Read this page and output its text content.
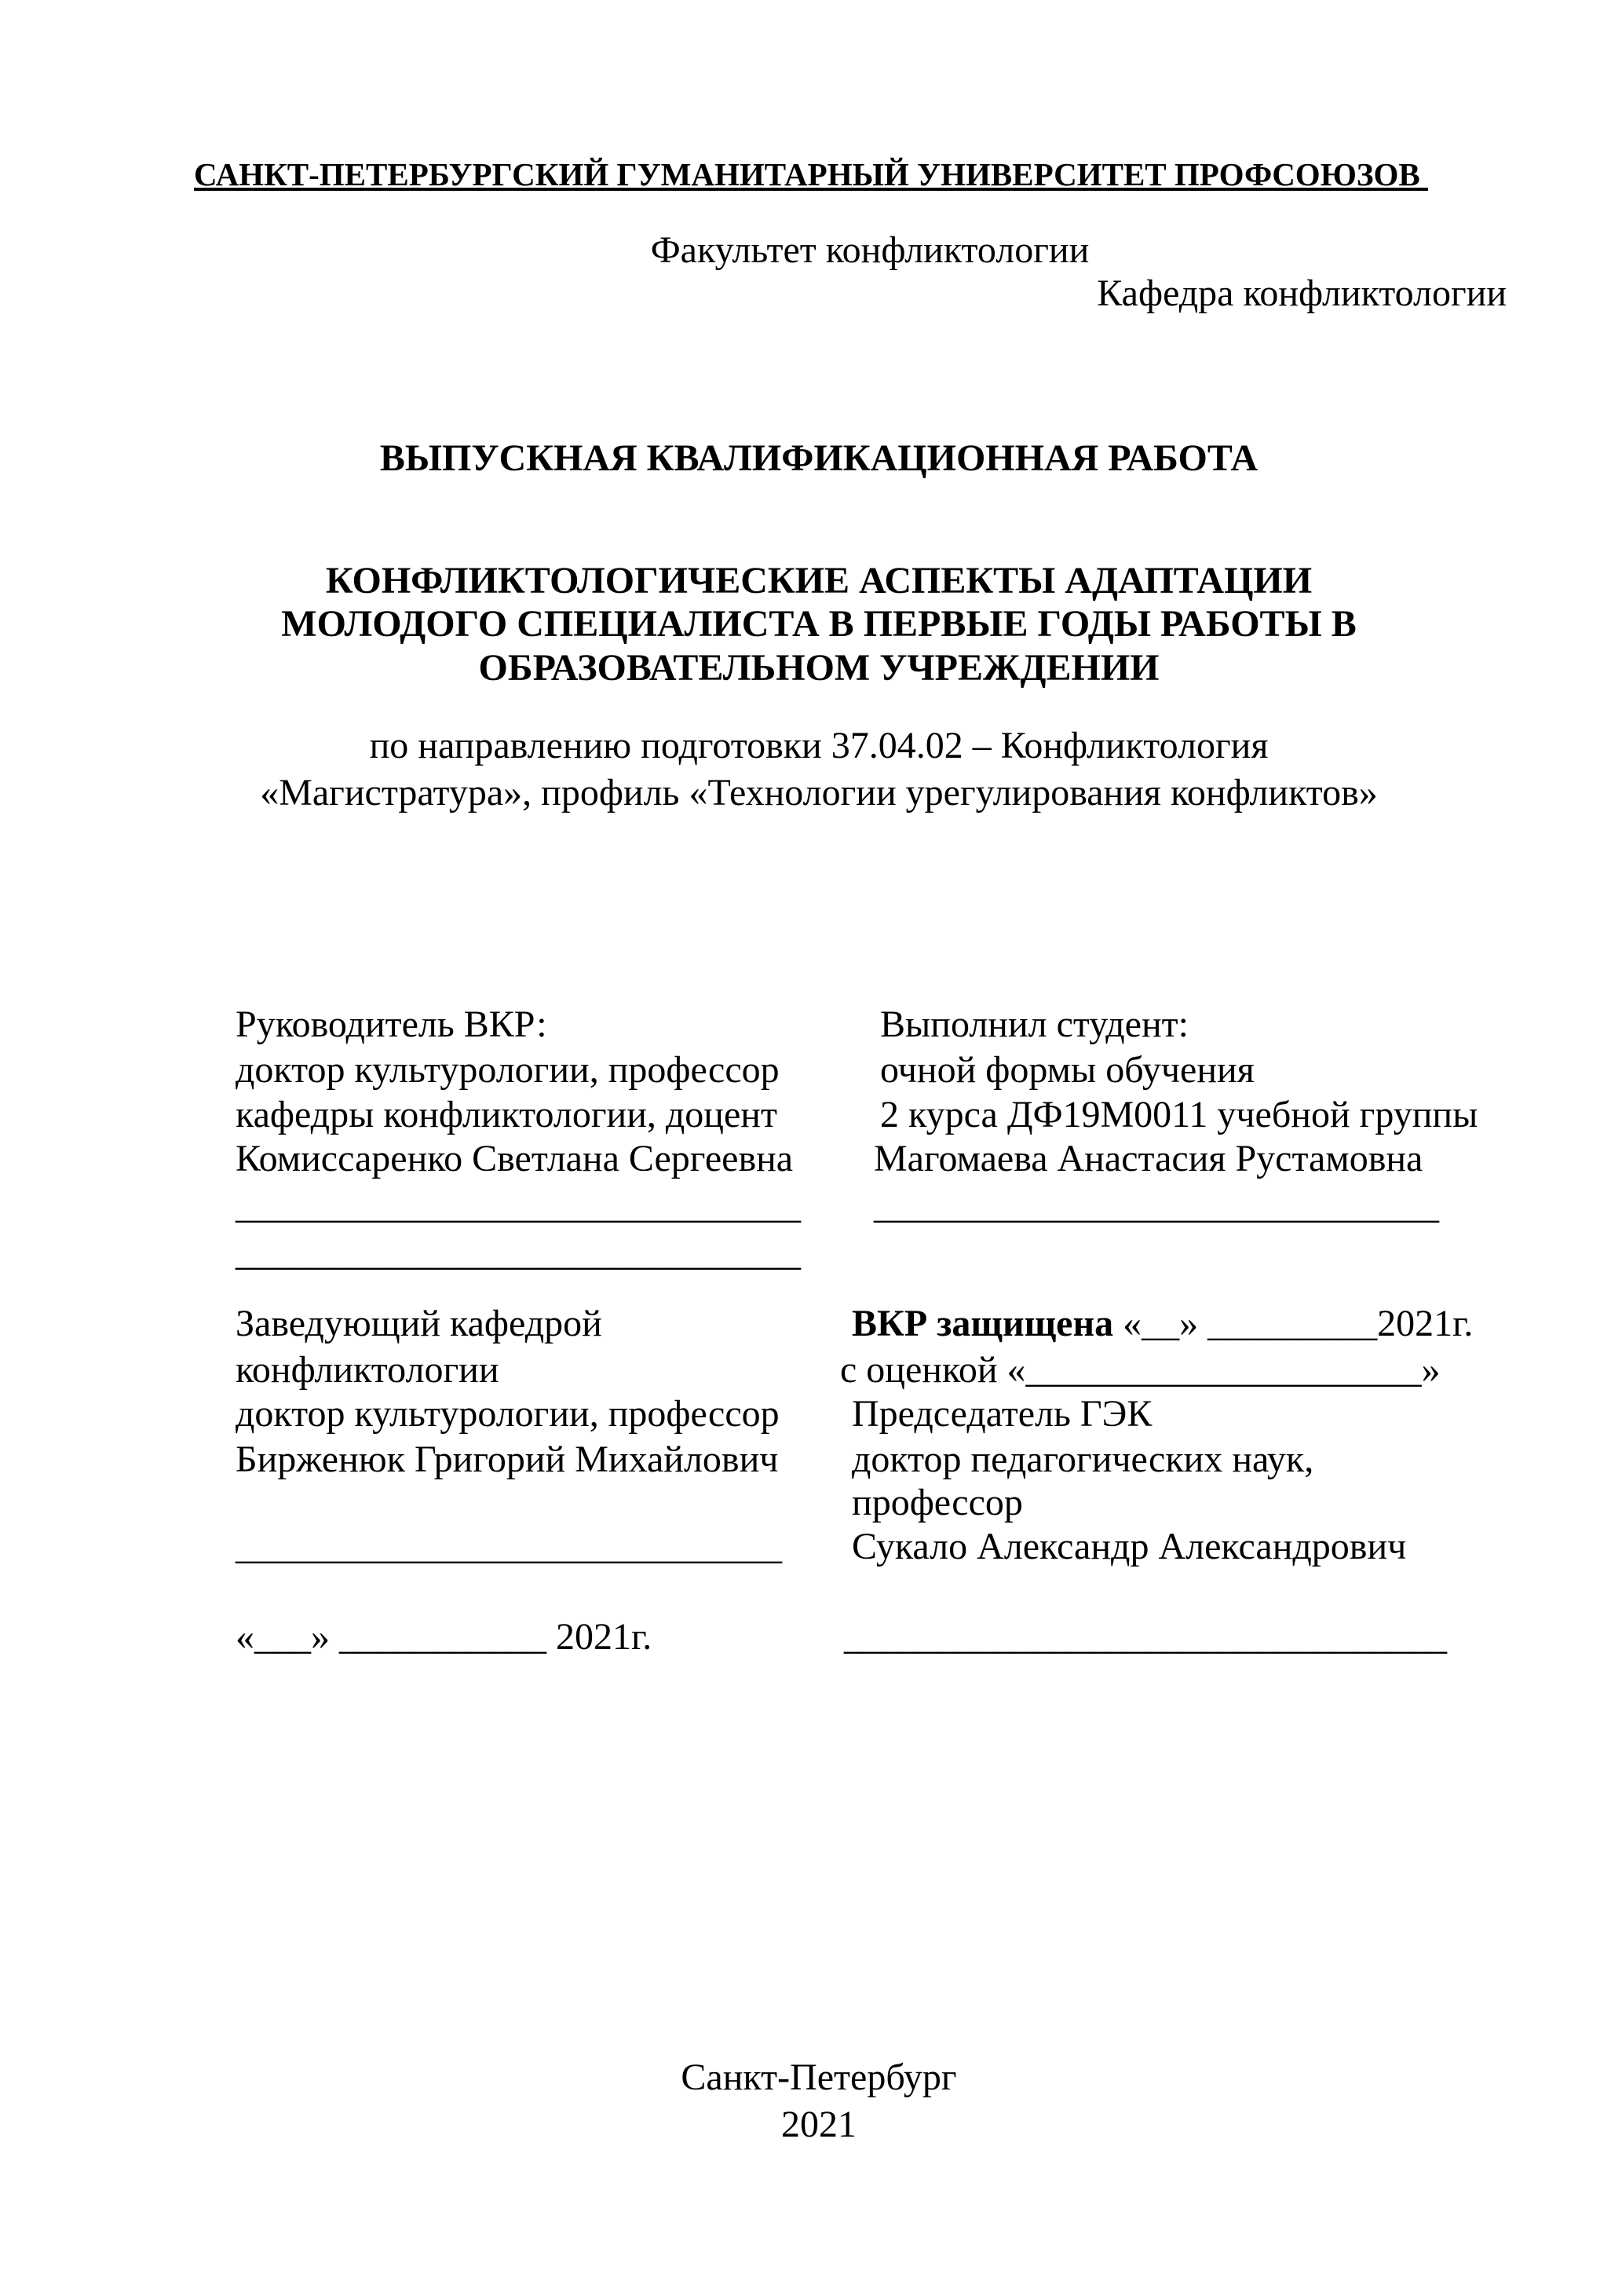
САНКТ-ПЕТЕРБУРГСКИЙ ГУМАНИТАРНЫЙ УНИВЕРСИТЕТ ПРОФСОЮЗОВ
Факультет конфликтологии
Кафедра конфликтологии
ВЫПУСКНАЯ КВАЛИФИКАЦИОННАЯ РАБОТА
КОНФЛИКТОЛОГИЧЕСКИЕ АСПЕКТЫ АДАПТАЦИИ
МОЛОДОГО СПЕЦИАЛИСТА В ПЕРВЫЕ ГОДЫ РАБОТЫ В
ОБРАЗОВАТЕЛЬНОМ УЧРЕЖДЕНИИ
по направлению подготовки 37.04.02 – Конфликтология
«Магистратура», профиль «Технологии урегулирования конфликтов»
Руководитель ВКР:
доктор культурологии, профессор
кафедры конфликтологии, доцент
Комиссаренко Светлана Сергеевна
______________________________
______________________________
Выполнил студент:
очной формы обучения
2 курса ДФ19М0011 учебной группы
Магомаева Анастасия Рустамовна
______________________________
Заведующий кафедрой
конфликтологии
доктор культурологии, профессор
Бирженюк Григорий Михайлович
_____________________________
«___» ___________ 2021г.
ВКР защищена «__» _________2021г.
с оценкой «_____________________»
Председатель ГЭК
доктор педагогических наук,
профессор
Сукало Александр Александрович
________________________________
Санкт-Петербург
2021
